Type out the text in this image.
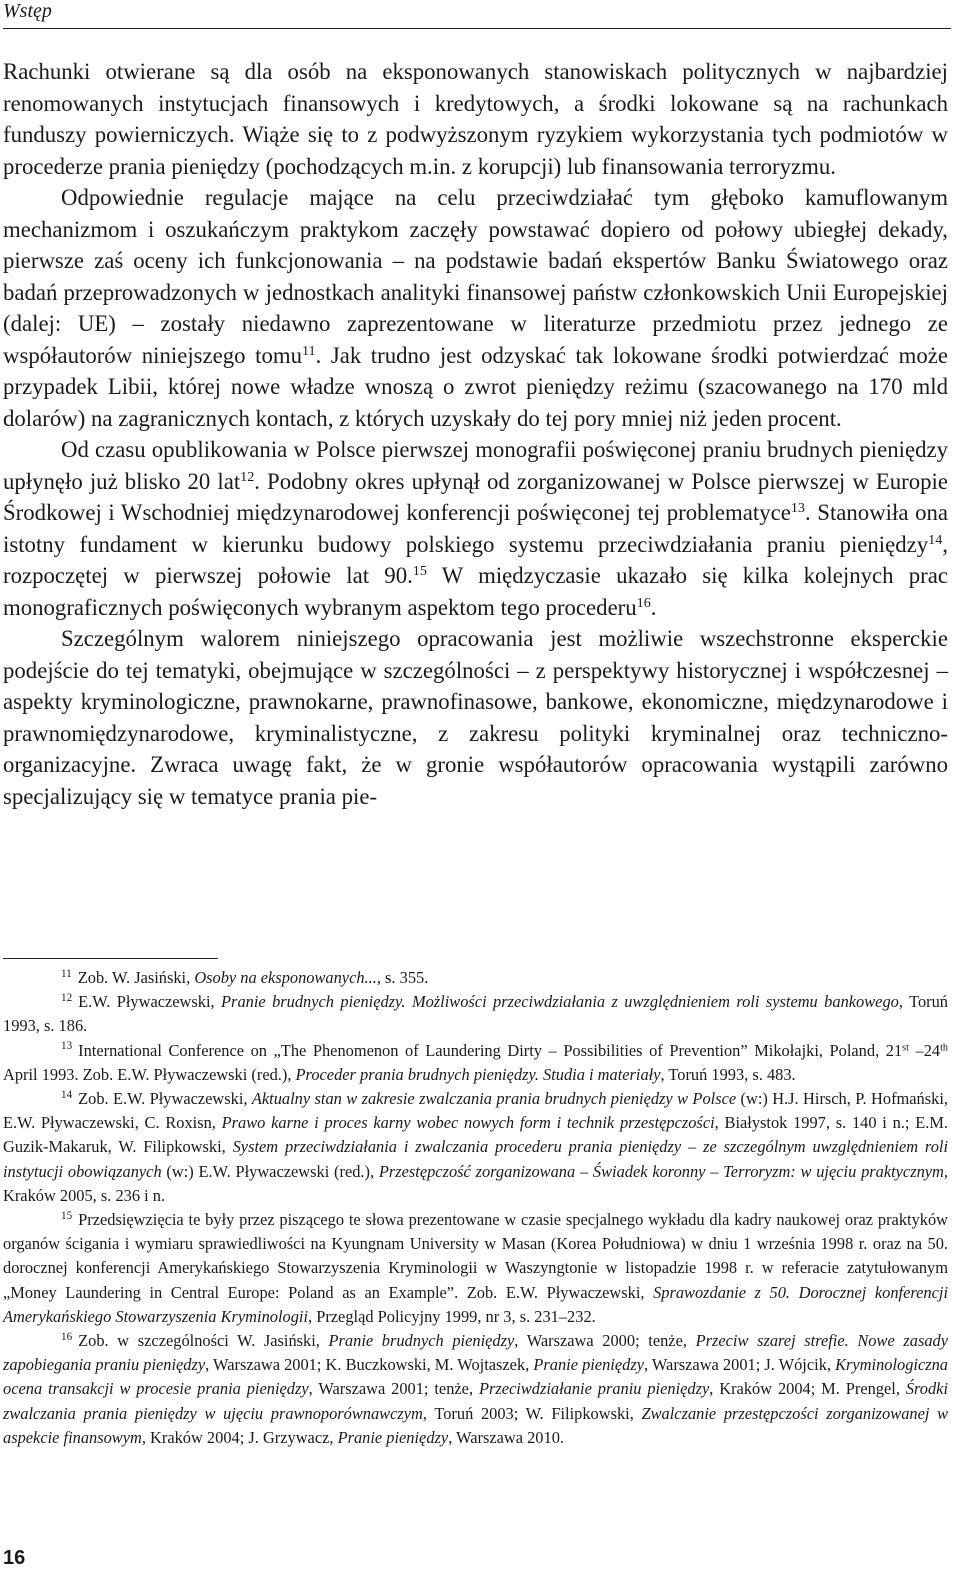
Wstęp

Rachunki otwierane są dla osób na eksponowanych stanowiskach politycznych w najbardziej renomowanych instytucjach finansowych i kredytowych, a środki lokowane są na rachunkach funduszy powierniczych. Wiąże się to z podwyższonym ryzykiem wykorzystania tych podmiotów w procederze prania pieniędzy (pochodzących m.in. z korupcji) lub finansowania terroryzmu.

Odpowiednie regulacje mające na celu przeciwdziałać tym głęboko kamuflowanym mechanizmom i oszukańczym praktykom zaczęły powstawać dopiero od połowy ubiegłej dekady, pierwsze zaś oceny ich funkcjonowania – na podstawie badań ekspertów Banku Światowego oraz badań przeprowadzonych w jednostkach analityki finansowej państw członkowskich Unii Europejskiej (dalej: UE) – zostały niedawno zaprezentowane w literaturze przedmiotu przez jednego ze współautorów niniejszego tomu$^{11}$. Jak trudno jest odzyskać tak lokowane środki potwierdzać może przypadek Libii, której nowe władze wnoszą o zwrot pieniędzy reżimu (szacowanego na 170 mld dolarów) na zagranicznych kontach, z których uzyskały do tej pory mniej niż jeden procent.

Od czasu opublikowania w Polsce pierwszej monografii poświęconej praniu brudnych pieniędzy upłynęło już blisko 20 lat$^{12}$. Podobny okres upłynął od zorganizowanej w Polsce pierwszej w Europie Środkowej i Wschodniej międzynarodowej konferencji poświęconej tej problematyce$^{13}$. Stanowiła ona istotny fundament w kierunku budowy polskiego systemu przeciwdziałania praniu pieniędzy$^{14}$, rozpoczętej w pierwszej połowie lat 90.15 W międzyczasie ukazało się kilka kolejnych prac monograficznych poświęconych wybranym aspektom tego procederu$^{16}$.

Szczególnym walorem niniejszego opracowania jest możliwie wszechstronne eksperckie podejście do tej tematyki, obejmujące w szczególności – z perspektywy historycznej i współczesnej – aspekty kryminologiczne, prawnokarne, prawnofinasowe, bankowe, ekonomiczne, międzynarodowe i prawnomiędzynarodowe, kryminalistyczne, z zakresu polityki kryminalnej oraz techniczno-organizacyjne. Zwraca uwagę fakt, że w gronie współautorów opracowania wystąpili zarówno specjalizujący się w tematyce prania pie-

$^{11}$ Zob. W. Jasiński, Osoby na eksponowanych..., s. 355.

$^{12}$ E.W. Pływaczewski, Pranie brudnych pieniędzy. Możliwości przeciwdziałania z uwzględnieniem roli systemu bankowego, Toruń 1993, s. 186.

$^{13}$ International Conference on „The Phenomenon of Laundering Dirty – Possibilities of Prevention” Mikołajki, Poland, 21st –24th April 1993. Zob. E.W. Pływaczewski (red.), Proceder prania brudnych pieniędzy. Studia i materiały, Toruń 1993, s. 483.

$^{14}$ Zob. E.W. Pływaczewski, Aktualny stan w zakresie zwalczania prania brudnych pieniędzy w Polsce (w:) H.J. Hirsch, P. Hofmański, E.W. Pływaczewski, C. Roxisn, Prawo karne i proces karny wobec nowych form i technik przestępczości, Białystok 1997, s. 140 i n.; E.M. Guzik-Makaruk, W. Filipkowski, System przeciwdziałania i zwalczania procederu prania pieniędzy – ze szczególnym uwzględnieniem roli instytucji obowiązanych (w:) E.W. Pływaczewski (red.), Przestępczość zorganizowana – Świadek koronny – Terroryzm: w ujęciu praktycznym, Kraków 2005, s. 236 i n.

$^{15}$ Przedsięwzięcia te były przez piszącego te słowa prezentowane w czasie specjalnego wykładu dla kadry naukowej oraz praktyków organów ścigania i wymiaru sprawiedliwości na Kyungnam University w Masan (Korea Południowa) w dniu 1 września 1998 r. oraz na 50. dorocznej konferencji Amerykańskiego Stowarzyszenia Kryminologii w Waszyngtonie w listopadzie 1998 r. w referacie zatytułowanym „Money Laundering in Central Europe: Poland as an Example”. Zob. E.W. Pływaczewski, Sprawozdanie z 50. Dorocznej konferencji Amerykańskiego Stowarzyszenia Kryminologii, Przegląd Policyjny 1999, nr 3, s. 231–232.

$^{16}$ Zob. w szczególności W. Jasiński, Pranie brudnych pieniędzy, Warszawa 2000; tenże, Przeciw szarej strefie. Nowe zasady zapobiegania praniu pieniędzy, Warszawa 2001; K. Buczkowski, M. Wojtaszek, Pranie pieniędzy, Warszawa 2001; J. Wójcik, Kryminologiczna ocena transakcji w procesie prania pieniędzy, Warszawa 2001; tenże, Przeciwdziałanie praniu pieniędzy, Kraków 2004; M. Prengel, Środki zwalczania prania pieniędzy w ujęciu prawnoporównawczym, Toruń 2003; W. Filipkowski, Zwalczanie przestępczości zorganizowanej w aspekcie finansowym, Kraków 2004; J. Grzywacz, Pranie pieniędzy, Warszawa 2010.

16
